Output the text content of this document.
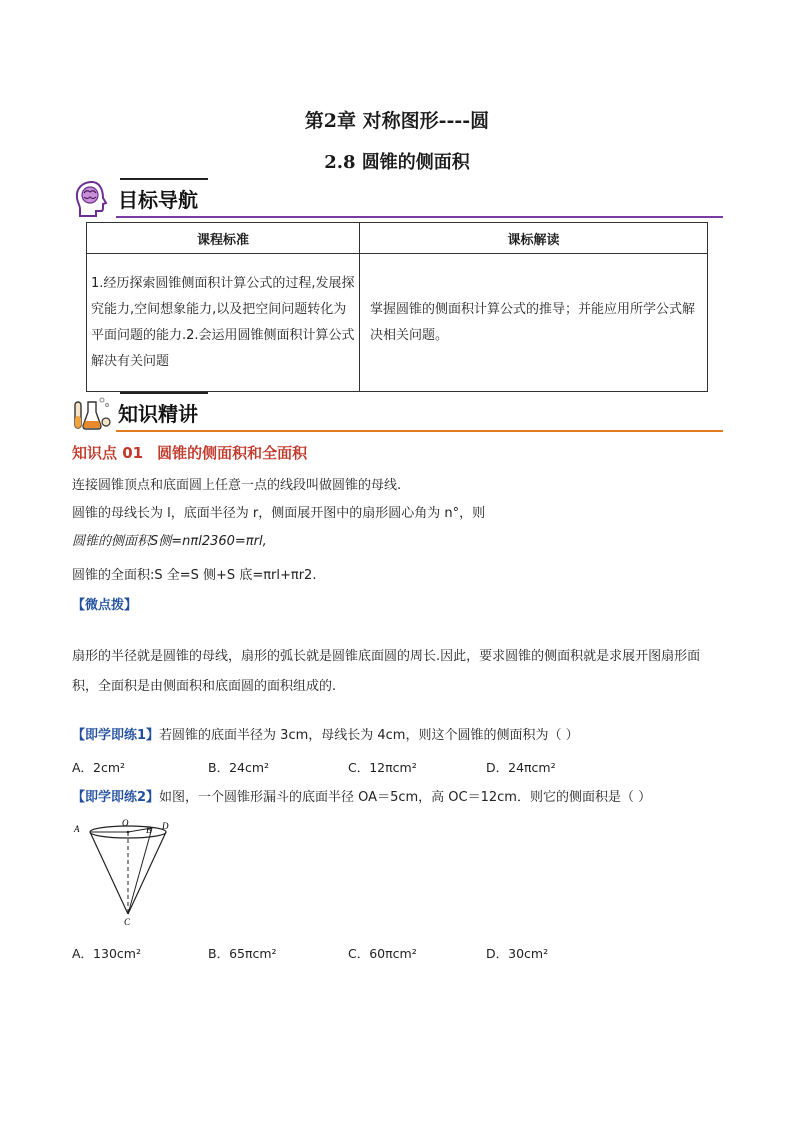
第2章 对称图形----圆
2.8 圆锥的侧面积
目标导航
课程标准	课标解读
1.经历探索圆锥侧面积计算公式的过程,发展探究能力,空间想象能力,以及把空间问题转化为平面问题的能力.2.会运用圆锥侧面积计算公式解决有关问题	掌握圆锥的侧面积计算公式的推导；并能应用所学公式解决相关问题。
知识精讲
知识点 01 圆锥的侧面积和全面积
连接圆锥顶点和底面圆上任意一点的线段叫做圆锥的母线.
圆锥的母线长为 l，底面半径为 r，侧面展开图中的扇形圆心角为 n°，则
圆锥的侧面积S侧=nπl2360=πrl,
圆锥的全面积:S 全=S 侧+S 底=πrl+πr2.
【微点拨】
扇形的半径就是圆锥的母线，扇形的弧长就是圆锥底面圆的周长.因此，要求圆锥的侧面积就是求展开图扇形面积，全面积是由侧面积和底面圆的面积组成的.
【即学即练1】若圆锥的底面半径为 3cm，母线长为 4cm，则这个圆锥的侧面积为（ ）
A．2cm²	B．24cm²	C．12πcm²	D．24πcm²
【即学即练2】如图，一个圆锥形漏斗的底面半径 OA＝5cm，高 OC＝12cm．则它的侧面积是（ ）
A
O
B D
C
A．130cm²	B．65πcm²	C．60πcm²	D．30cm²
